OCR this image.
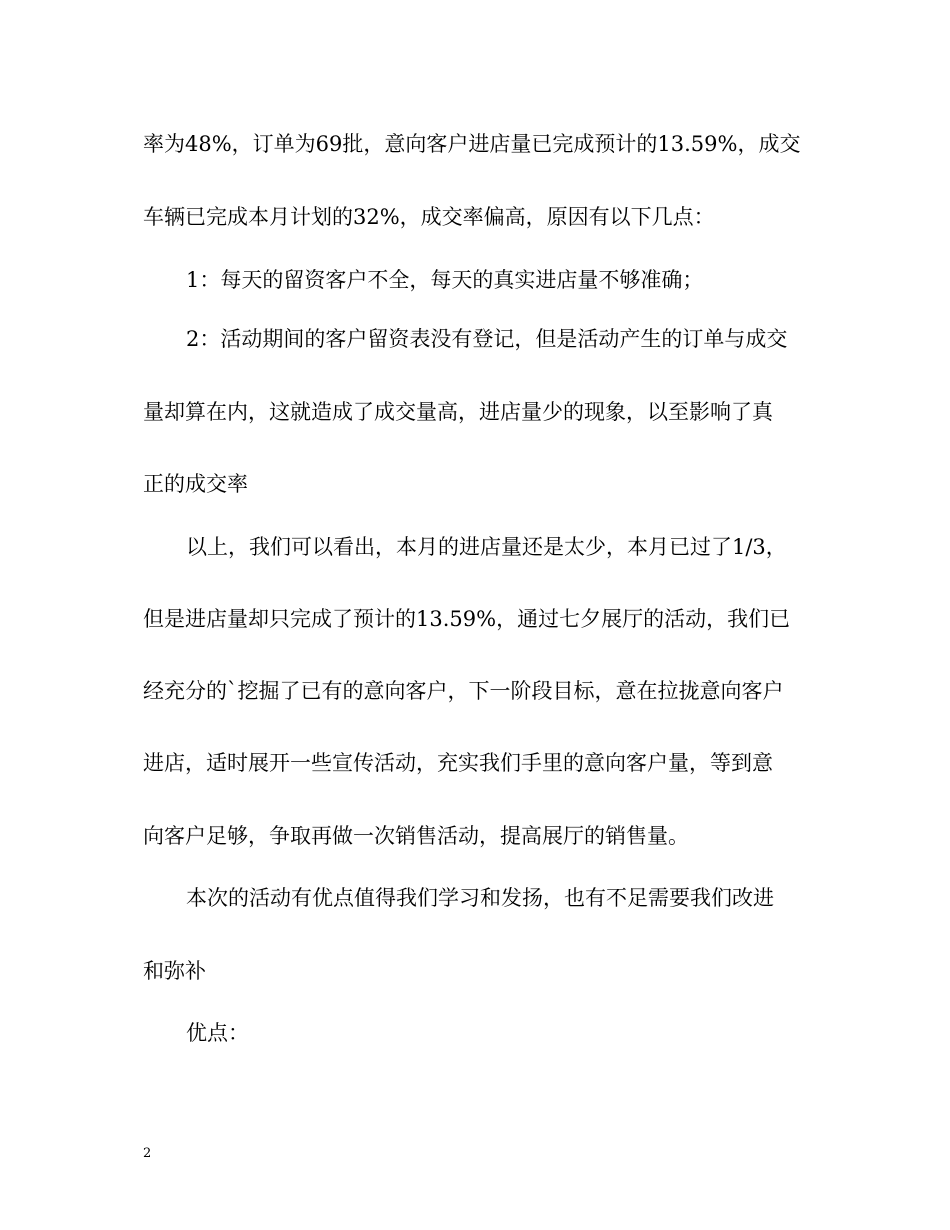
率为48%，订单为69批，意向客户进店量已完成预计的13.59%，成交
车辆已完成本月计划的32%，成交率偏高，原因有以下几点：
1：每天的留资客户不全，每天的真实进店量不够准确；
2：活动期间的客户留资表没有登记，但是活动产生的订单与成交
量却算在内，这就造成了成交量高，进店量少的现象，以至影响了真
正的成交率
以上，我们可以看出，本月的进店量还是太少，本月已过了1/3，
但是进店量却只完成了预计的13.59%，通过七夕展厅的活动，我们已
经充分的`挖掘了已有的意向客户，下一阶段目标，意在拉拢意向客户
进店，适时展开一些宣传活动，充实我们手里的意向客户量，等到意
向客户足够，争取再做一次销售活动，提高展厅的销售量。
本次的活动有优点值得我们学习和发扬，也有不足需要我们改进
和弥补
优点：
2
